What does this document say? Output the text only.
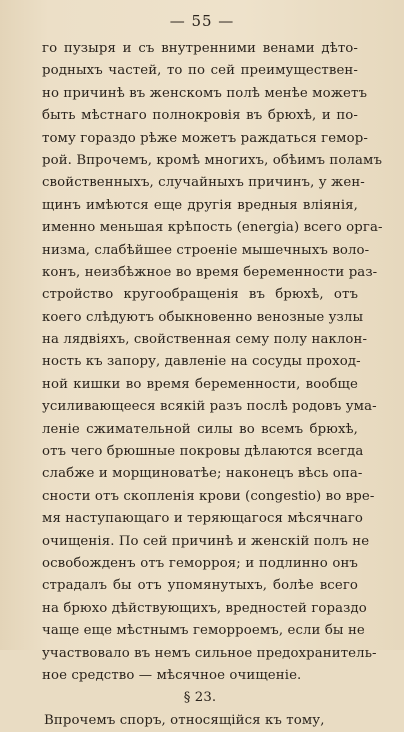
— 55 —
го пузыря и съ внутренними венами дѣто-
родныхъ частей, то по сей преимуществен-
но причинѣ въ женскомъ полѣ менѣе можетъ
быть мѣстнаго полнокровія въ брюхѣ, и по-
тому гораздо рѣже можетъ раждаться гемор-
рой. Впрочемъ, кромѣ многихъ, обѣимъ поламъ
свойственныхъ, случайныхъ причинъ, у жен-
щинъ имѣются еще другія вредныя вліянія,
именно меньшая крѣпость (energia) всего орга-
низма, слабѣйшее строеніе мышечныхъ воло-
конъ, неизбѣжное во время беременности раз-
стройство кругообращенія въ брюхѣ, отъ
коего слѣдуютъ обыкновенно венозные узлы
на лядвіяхъ, свойственная сему полу наклон-
ность къ запору, давленіе на сосуды проход-
ной кишки во время беременности, вообще
усиливающееся всякій разъ послѣ родовъ ума-
леніе сжимательной силы во всемъ брюхѣ,
отъ чего брюшные покровы дѣлаются всегда
слабже и морщиноватѣе; наконецъ вѣсь опа-
сности отъ скопленія крови (congestio) во вре-
мя наступающаго и теряющагося мѣсячнаго
очищенія. По сей причинѣ и женскій полъ не
освобожденъ отъ геморроя; и подлинно онъ
страдалъ бы отъ упомянутыхъ, болѣе всего
на брюхо дѣйствующихъ, вредностей гораздо
чаще еще мѣстнымъ геморроемъ, если бы не
участвовало въ немъ сильное предохранитель-
ное средство — мѣсячное очищеніе.
§ 23.
Впрочемъ споръ, относящійся къ тому,
